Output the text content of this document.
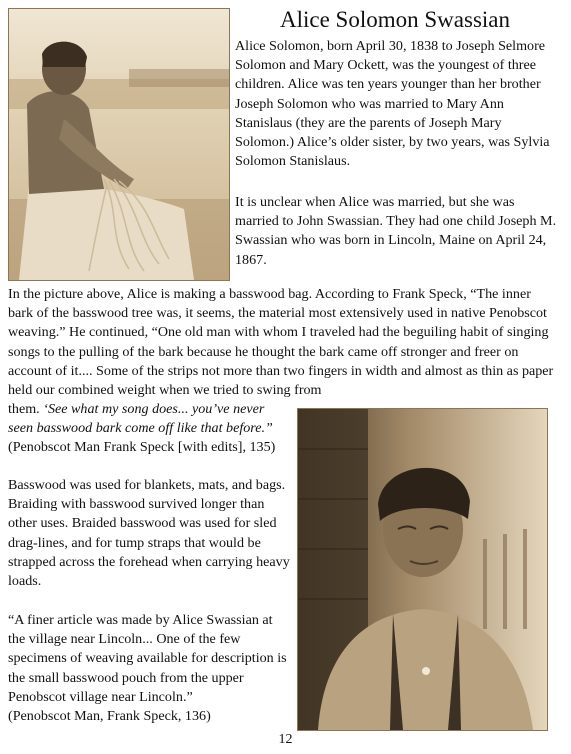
Alice Solomon Swassian

Alice Solomon, born April 30, 1838 to Joseph Selmore Solomon and Mary Ockett, was the youngest of three children. Alice was ten years younger than her brother Joseph Solomon who was married to Mary Ann Stanislaus (they are the parents of Joseph Mary Solomon.) Alice’s older sister, by two years, was Sylvia Solomon Stanislaus.

It is unclear when Alice was married, but she was married to John Swassian. They had one child Joseph M. Swassian who was born in Lincoln, Maine on April 24, 1867.

In the picture above, Alice is making a basswood bag. According to Frank Speck, “The inner bark of the basswood tree was, it seems, the material most extensively used in native Penobscot weaving.” He continued, “One old man with whom I traveled had the beguiling habit of singing songs to the pulling of the bark because he thought the bark came off stronger and freer on account of it.... Some of the strips not more than two fingers in width and almost as thin as paper held our combined weight when we tried to swing from

them. ‘See what my song does... you’ve never seen basswood bark come off like that before.”
(Penobscot Man Frank Speck [with edits], 135)

Basswood was used for blankets, mats, and bags. Braiding with basswood survived longer than other uses. Braided basswood was used for sled drag-lines, and for tump straps that would be strapped across the forehead when carrying heavy loads.

“A finer article was made by Alice Swassian at the village near Lincoln... One of the few specimens of weaving available for description is the small basswood pouch from the upper Penobscot village near Lincoln.”
(Penobscot Man, Frank Speck, 136)

12
